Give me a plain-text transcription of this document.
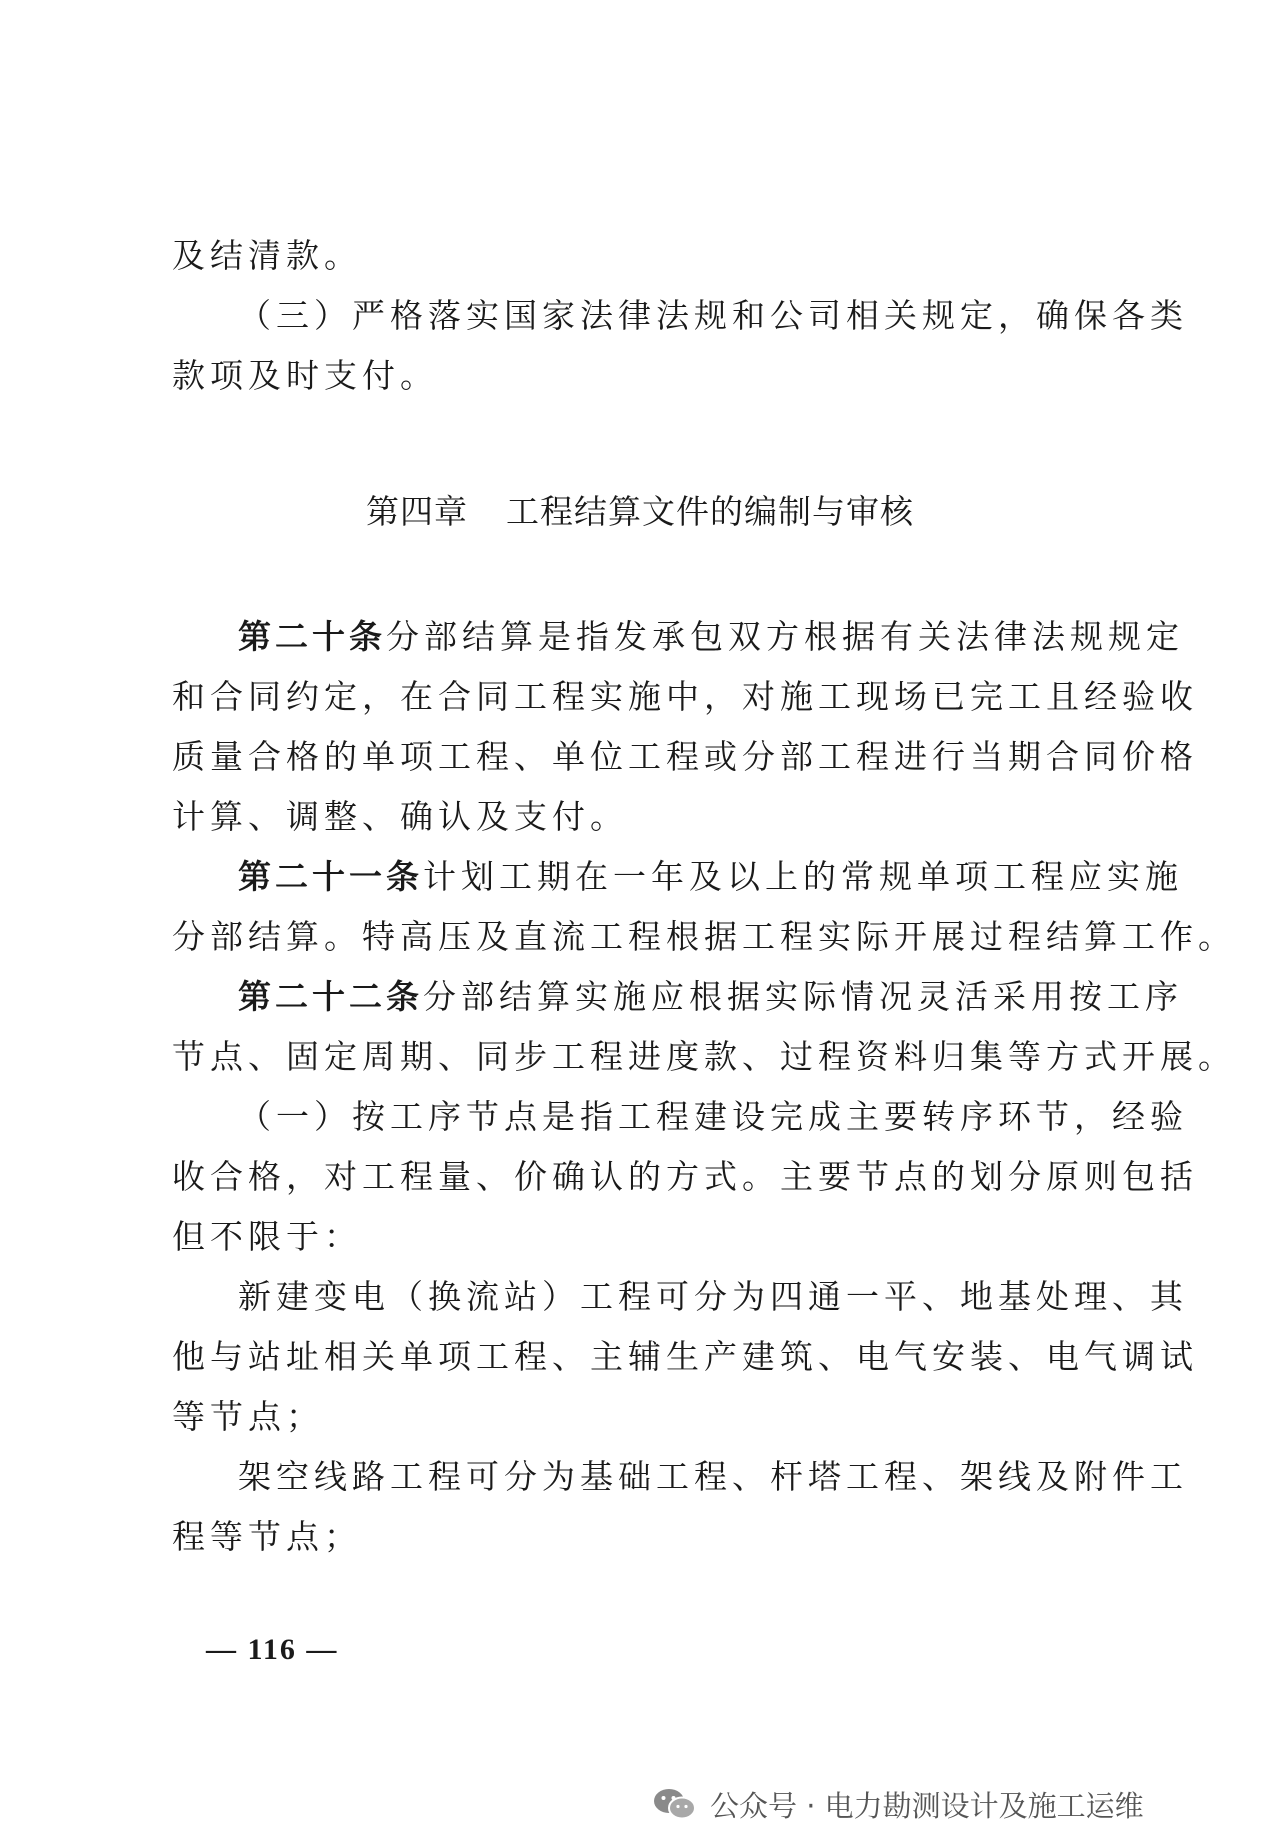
及结清款。
（三）严格落实国家法律法规和公司相关规定，确保各类
款项及时支付。
第四章 工程结算文件的编制与审核
第二十条分部结算是指发承包双方根据有关法律法规规定
和合同约定，在合同工程实施中，对施工现场已完工且经验收
质量合格的单项工程、单位工程或分部工程进行当期合同价格
计算、调整、确认及支付。
第二十一条计划工期在一年及以上的常规单项工程应实施
分部结算。特高压及直流工程根据工程实际开展过程结算工作。
第二十二条分部结算实施应根据实际情况灵活采用按工序
节点、固定周期、同步工程进度款、过程资料归集等方式开展。
（一）按工序节点是指工程建设完成主要转序环节，经验
收合格，对工程量、价确认的方式。主要节点的划分原则包括
但不限于：
新建变电（换流站）工程可分为四通一平、地基处理、其
他与站址相关单项工程、主辅生产建筑、电气安装、电气调试
等节点；
架空线路工程可分为基础工程、杆塔工程、架线及附件工
程等节点；
— 116 —
公众号 · 电力勘测设计及施工运维
